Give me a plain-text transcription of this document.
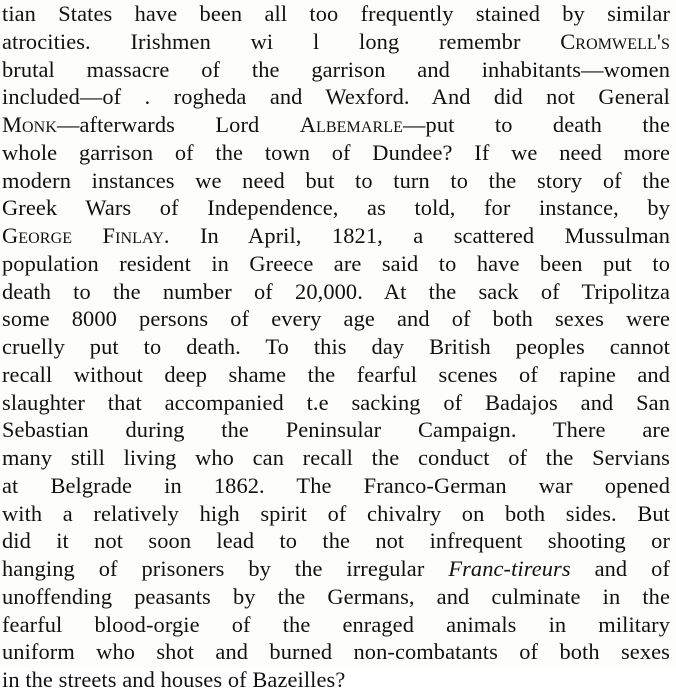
tian States have been all too frequently stained by similar
atrocities. Irishmen wi l long remembr Cromwell's
brutal massacre of the garrison and inhabitants—women
included—of . rogheda and Wexford. And did not General
Monk—afterwards Lord Albemarle—put to death the
whole garrison of the town of Dundee? If we need more
modern instances we need but to turn to the story of the
Greek Wars of Independence, as told, for instance, by
George Finlay. In April, 1821, a scattered Mussulman
population resident in Greece are said to have been put to
death to the number of 20,000. At the sack of Tripolitza
some 8000 persons of every age and of both sexes were
cruelly put to death. To this day British peoples cannot
recall without deep shame the fearful scenes of rapine and
slaughter that accompanied t.e sacking of Badajos and San
Sebastian during the Peninsular Campaign. There are
many still living who can recall the conduct of the Servians
at Belgrade in 1862. The Franco-German war opened
with a relatively high spirit of chivalry on both sides. But
did it not soon lead to the not infrequent shooting or
hanging of prisoners by the irregular Franc-tireurs and of
unoffending peasants by the Germans, and culminate in the
fearful blood-orgie of the enraged animals in military
uniform who shot and burned non-combatants of both sexes
in the streets and houses of Bazeilles?
